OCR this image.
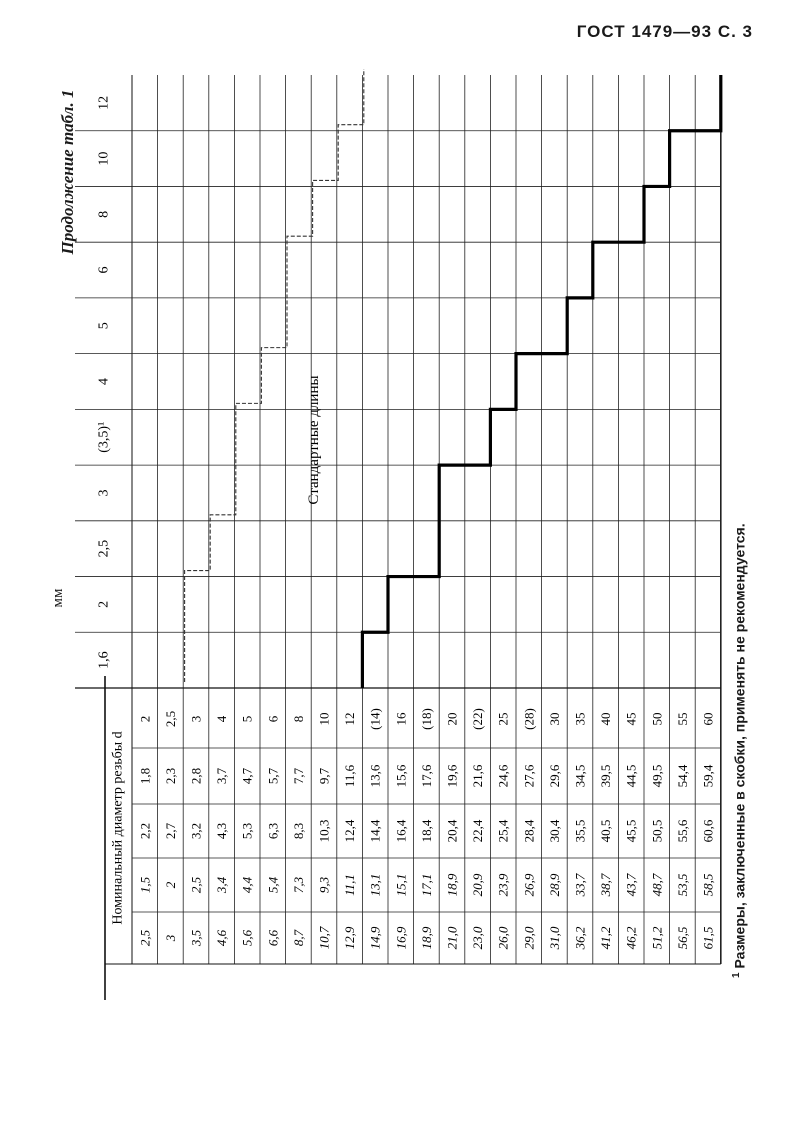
ГОСТ 1479—93 С. 3
Продолжение табл. 1
мм
$^1$ Размеры, заключенные в скобки, применять не рекомендуется.
Номинальный диаметр резьбы d
1,6
2
2,5
3
(3,5)¹
4
5
6
8
10
12
2
1,8
2,2
1,5
2,5
2,5
2,3
2,7
2
3
3
2,8
3,2
2,5
3,5
4
3,7
4,3
3,4
4,6
5
4,7
5,3
4,4
5,6
6
5,7
6,3
5,4
6,6
8
7,7
8,3
7,3
8,7
10
9,7
10,3
9,3
10,7
12
11,6
12,4
11,1
12,9
(14)
13,6
14,4
13,1
14,9
16
15,6
16,4
15,1
16,9
(18)
17,6
18,4
17,1
18,9
20
19,6
20,4
18,9
21,0
(22)
21,6
22,4
20,9
23,0
25
24,6
25,4
23,9
26,0
(28)
27,6
28,4
26,9
29,0
30
29,6
30,4
28,9
31,0
35
34,5
35,5
33,7
36,2
40
39,5
40,5
38,7
41,2
45
44,5
45,5
43,7
46,2
50
49,5
50,5
48,7
51,2
55
54,4
55,6
53,5
56,5
60
59,4
60,6
58,5
61,5
Стандартные длины
